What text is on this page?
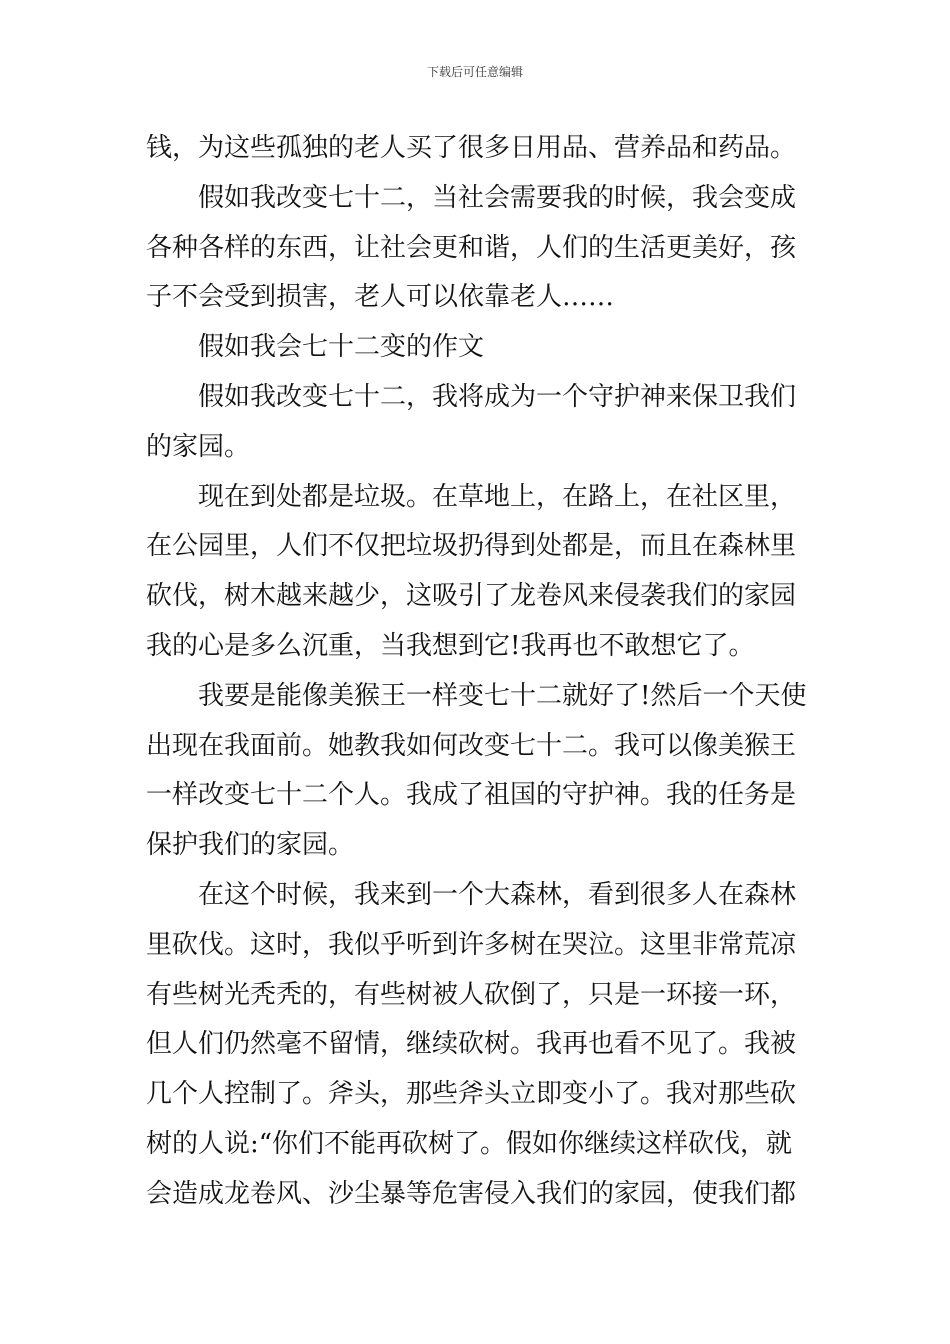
下载后可任意编辑
钱，为这些孤独的老人买了很多日用品、营养品和药品。
假如我改变七十二，当社会需要我的时候，我会变成
各种各样的东西，让社会更和谐，人们的生活更美好，孩
子不会受到损害，老人可以依靠老人……
假如我会七十二变的作文
假如我改变七十二，我将成为一个守护神来保卫我们
的家园。
现在到处都是垃圾。在草地上，在路上，在社区里，
在公园里，人们不仅把垃圾扔得到处都是，而且在森林里
砍伐，树木越来越少，这吸引了龙卷风来侵袭我们的家园
我的心是多么沉重，当我想到它!我再也不敢想它了。
我要是能像美猴王一样变七十二就好了!然后一个天使
出现在我面前。她教我如何改变七十二。我可以像美猴王
一样改变七十二个人。我成了祖国的守护神。我的任务是
保护我们的家园。
在这个时候，我来到一个大森林，看到很多人在森林
里砍伐。这时，我似乎听到许多树在哭泣。这里非常荒凉
有些树光秃秃的，有些树被人砍倒了，只是一环接一环，
但人们仍然毫不留情，继续砍树。我再也看不见了。我被
几个人控制了。斧头，那些斧头立即变小了。我对那些砍
树的人说:“你们不能再砍树了。假如你继续这样砍伐，就
会造成龙卷风、沙尘暴等危害侵入我们的家园，使我们都
